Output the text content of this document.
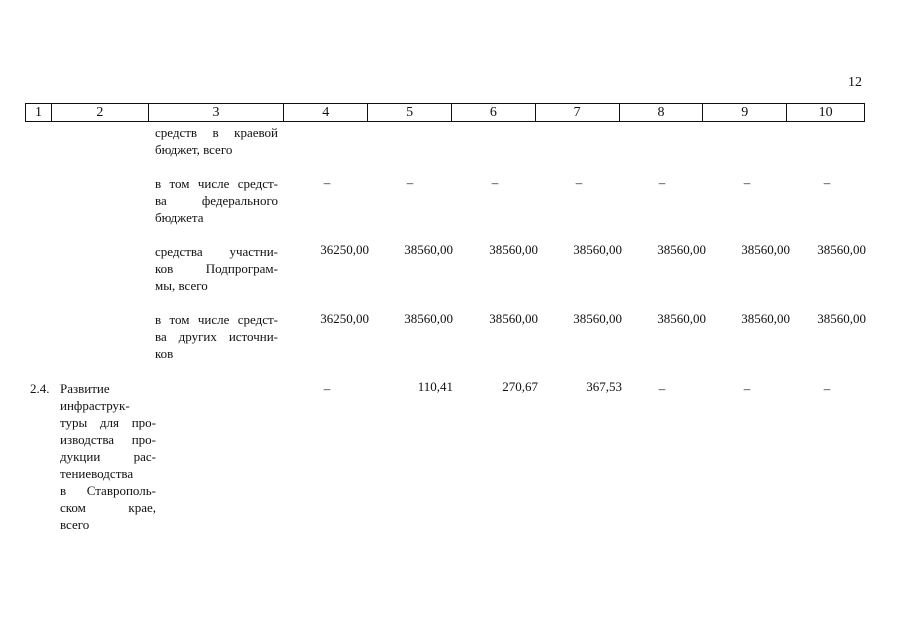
12
1	2	3	4	5	6	7	8	9	10
средств в краевой
бюджет, всего
в том числе средст-
ва федерального
бюджета
–	–	–	–	–	–	–
средства участни-
ков Подпрограм-
мы, всего
36250,00	38560,00	38560,00	38560,00	38560,00	38560,00	38560,00
в том числе средст-
ва других источни-
ков
36250,00	38560,00	38560,00	38560,00	38560,00	38560,00	38560,00
2.4. Развитие
инфраструк-
туры для про-
изводства про-
дукции рас-
тениеводства
в Ставрополь-
ском крае,
всего
–	110,41	270,67	367,53	–	–	–
